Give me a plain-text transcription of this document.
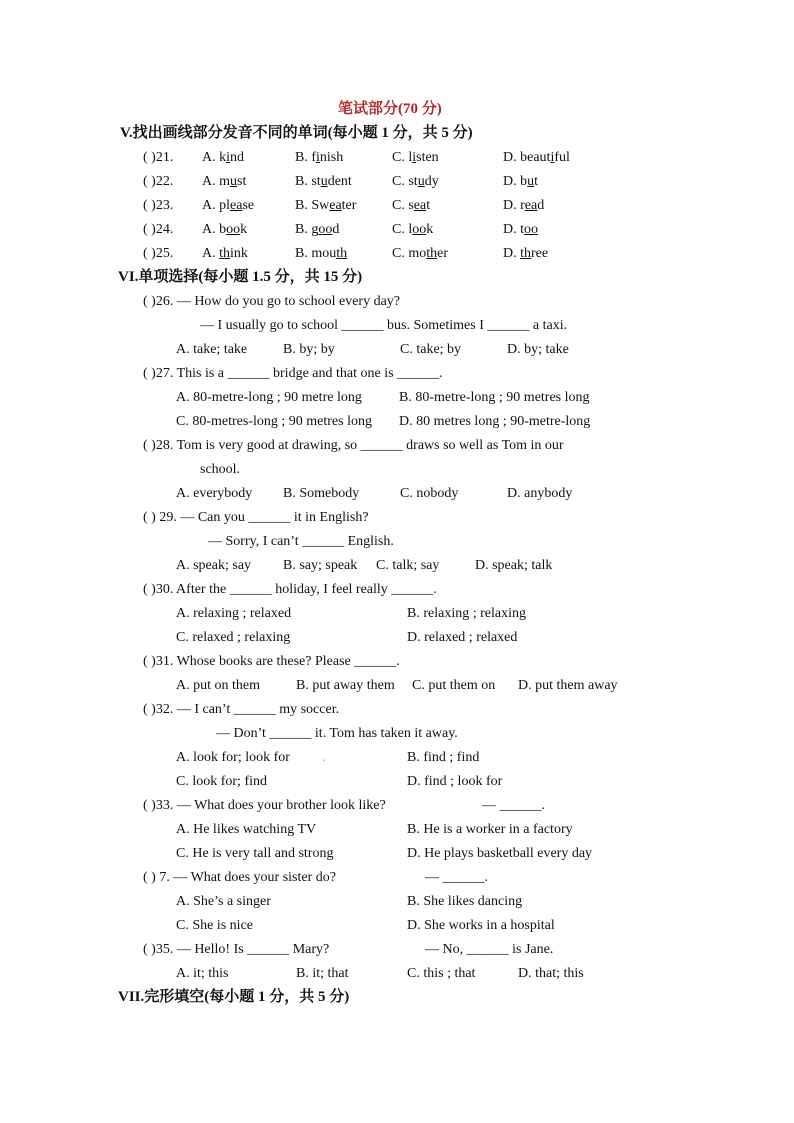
笔试部分(70 分)
V.找出画线部分发音不同的单词(每小题 1 分，共 5 分)
( )21. A. kind	B. finish	C. listen	D. beautiful
( )22. A. must	B. student	C. study	D. but
( )23. A. please	B. Sweater	C. seat	D. read
( )24. A. book	B. good	C. look	D. too
( )25. A. think	B. mouth	C. mother	D. three
VI.单项选择(每小题 1.5 分，共 15 分)
( )26. — How do you go to school every day?
— I usually go to school ______ bus. Sometimes I ______ a taxi.
A. take; take	B. by; by	C. take; by	D. by; take
( )27. This is a ______ bridge and that one is ______.
A. 80-metre-long ; 90 metre long	B. 80-metre-long ; 90 metres long
C. 80-metres-long ; 90 metres long D. 80 metres long ; 90-metre-long
( )28. Tom is very good at drawing, so ______ draws so well as Tom in our
school.
A. everybody B. Somebody	C. nobody	D. anybody
( ) 29. — Can you ______ it in English?
— Sorry, I can’t ______ English.
A. speak; say B. say; speak C. talk; say	D. speak; talk
( )30. After the ______ holiday, I feel really ______.
A. relaxing ; relaxed	B. relaxing ; relaxing
C. relaxed ; relaxing	D. relaxed ; relaxed
( )31. Whose books are these? Please ______.
A. put on them	B. put away them C. put them on D. put them away
( )32. — I can’t ______ my soccer.
— Don’t ______ it. Tom has taken it away.
A. look for; look for .	B. find ; find
C. look for; find	D. find ; look for
( )33. — What does your brother look like?	— ______.
A. He likes watching TV	B. He is a worker in a factory
C. He is very tall and strong	D. He plays basketball every day
( ) 7. — What does your sister do?	— ______.
A. She’s a singer	B. She likes dancing
C. She is nice	D. She works in a hospital
( )35. — Hello! Is ______ Mary?	— No, ______ is Jane.
A. it; this	B. it; that	C. this ; that	D. that; this
VII.完形填空(每小题 1 分，共 5 分)
